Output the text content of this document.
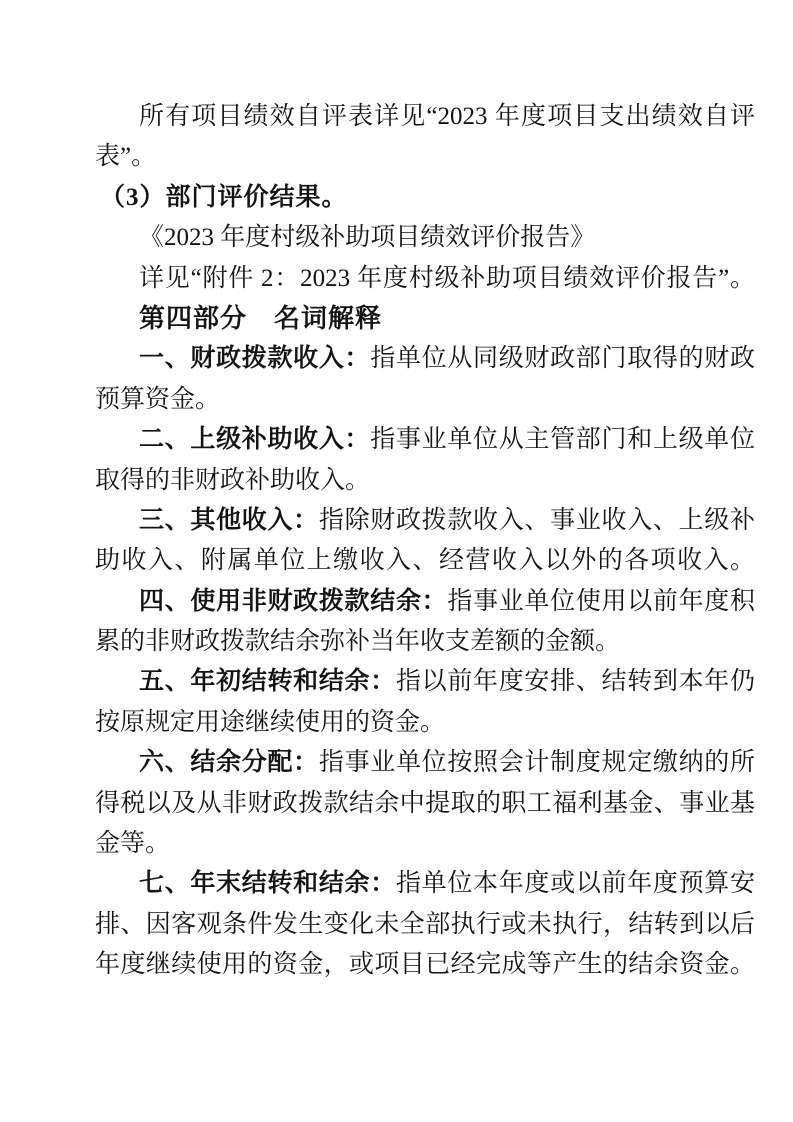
所有项目绩效自评表详见“2023 年度项目支出绩效自评
表”。
（3）部门评价结果。
《2023 年度村级补助项目绩效评价报告》
详见“附件 2：2023 年度村级补助项目绩效评价报告”。
第四部分　名词解释
一、财政拨款收入：指单位从同级财政部门取得的财政
预算资金。
二、上级补助收入：指事业单位从主管部门和上级单位
取得的非财政补助收入。
三、其他收入：指除财政拨款收入、事业收入、上级补
助收入、附属单位上缴收入、经营收入以外的各项收入。
四、使用非财政拨款结余：指事业单位使用以前年度积
累的非财政拨款结余弥补当年收支差额的金额。
五、年初结转和结余：指以前年度安排、结转到本年仍
按原规定用途继续使用的资金。
六、结余分配：指事业单位按照会计制度规定缴纳的所
得税以及从非财政拨款结余中提取的职工福利基金、事业基
金等。
七、年末结转和结余：指单位本年度或以前年度预算安
排、因客观条件发生变化未全部执行或未执行，结转到以后
年度继续使用的资金，或项目已经完成等产生的结余资金。
